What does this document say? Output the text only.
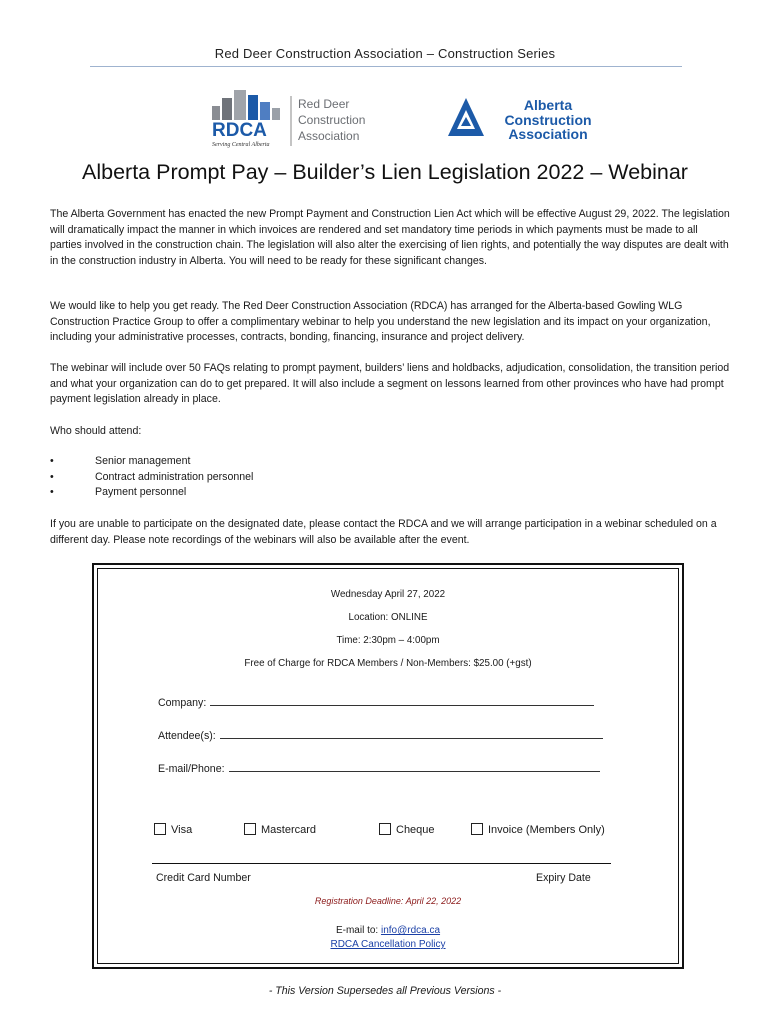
Red Deer Construction Association – Construction Series
RDCA
Serving Central Alberta
Red Deer
Construction
Association
Alberta
Construction
Association
Alberta Prompt Pay – Builder’s Lien Legislation 2022 – Webinar

The Alberta Government has enacted the new Prompt Payment and Construction Lien Act which will be effective August 29, 2022. The legislation will dramatically impact the manner in which invoices are rendered and set mandatory time periods in which payments must be made to all parties involved in the construction chain. The legislation will also alter the exercising of lien rights, and potentially the way disputes are dealt with in the construction industry in Alberta. You will need to be ready for these significant changes.

We would like to help you get ready. The Red Deer Construction Association (RDCA) has arranged for the Alberta-based Gowling WLG Construction Practice Group to offer a complimentary webinar to help you understand the new legislation and its impact on your organization, including your administrative processes, contracts, bonding, financing, insurance and project delivery.

The webinar will include over 50 FAQs relating to prompt payment, builders’ liens and holdbacks, adjudication, consolidation, the transition period and what your organization can do to get prepared. It will also include a segment on lessons learned from other provinces who have had prompt payment legislation already in place.

Who should attend:

•	Senior management
•	Contract administration personnel
•	Payment personnel

If you are unable to participate on the designated date, please contact the RDCA and we will arrange participation in a webinar scheduled on a different day. Please note recordings of the webinars will also be available after the event.

Wednesday April 27, 2022
Location: ONLINE
Time: 2:30pm – 4:00pm
Free of Charge for RDCA Members / Non-Members: $25.00 (+gst)
Company:
Attendee(s):
E-mail/Phone:
Visa	Mastercard	Cheque	Invoice (Members Only)
Credit Card Number	Expiry Date
Registration Deadline: April 22, 2022
E-mail to: info@rdca.ca
RDCA Cancellation Policy
- This Version Supersedes all Previous Versions -
